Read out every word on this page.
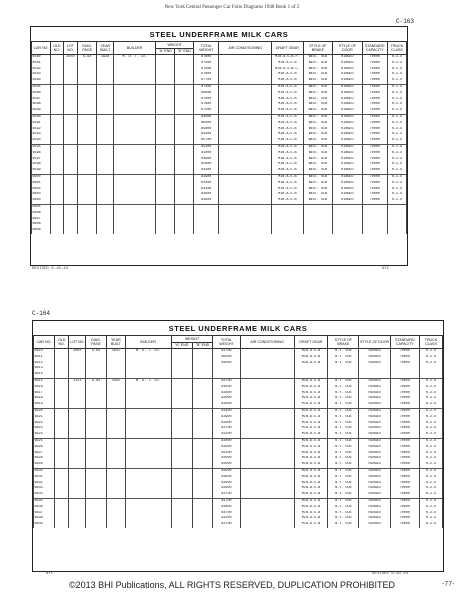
New York Central Passenger Car Folio Diagrams 1948 Book 1 of 2
C-163
STEEL UNDERFRAME MILK CARS
CAR NO.	OLD NO.	LOT NO.	DIAG. PAGE	YEAR BUILT	BUILDER	WEIGHT		TOTAL WEIGHT	AIR CONDITIONING	DRAFT GEAR	STYLE OF BRAKE	STYLE OF DOOR	STANDARD CAPACITY	TRUCK CLASS
						"A" END	"B" END							
6580		2050	G-64	1928	M. D. T. CO.			87600		MIN.A-5-B.F.	WEST. UCB	HINGED	70000	R-1-X
6581								87400		MIN.A-5-B	WEST. UCB	HINGED	70000	R-1-X
6582								87600		MIN.A-5-B.C.	WEST. UCB	HINGED	70000	R-1-X
6583								87800		MIN.A-5-B	WEST. UCB	HINGED	70000	R-1-X
6584								87700		MIN.A-5-B	WEST. UCB	HINGED	70000	R-1-X
6585								87300		MIN.A-5-B	WEST. UCB	HINGED	70000	R-1-X
6586								86900		MIN.A-5-B	WEST. UCB	HINGED	70000	R-1-X
6587								87000		MIN.A-5-B	WEST. UCB	HINGED	70000	R-1-X
6588								87900		MIN.A-5-B	WEST. UCB	HINGED	70000	R-1-X
6589								87500		MIN.A-5-B	WEST. UCB	HINGED	70000	R-1-X
6590								84000		MIN.A-5-B	WEST. UCB	HINGED	70000	R-1-X
6591								86400		MIN.A-5-B	WEST. UCB	HINGED	70000	R-1-X
6592								85800		MIN.A-5-B	WEST. UCB	HINGED	70000	R-1-X
6593								84300		MIN.A-5-B	WEST. UCB	HINGED	70000	R-1-X
6594								85700		MIN.A-5-B	WEST. UCB	HINGED	70000	R-1-X
6595								85300		MIN.A-5-B	WEST. UCB	HINGED	70000	R-1-X
6596								81000		MIN.A-5-B	WEST. UCB	HINGED	70000	R-1-X
6597								83600		MIN.A-5-B	WEST. UCB	HINGED	70000	R-1-X
6598								85600		MIN.A-5-B	WEST. UCB	HINGED	70000	R-1-X
6599								84300		MIN.A-5-B	WEST. UCB	HINGED	70000	R-1-X
6600								83900		MIN.A-5-B	WEST. UCB	HINGED	70000	R-1-X
6601								84300		MIN.A-5-B	WEST. UCB	HINGED	70000	R-1-X
6602								84300		MIN.A-5-B	WEST. UCB	HINGED	70000	R-1-X
6603								83600		MIN.A-5-B	WEST. UCB	HINGED	70000	R-1-X
6604								84600		MIN.A-5-B	WEST. UCB	HINGED	70000	R-1-X
6605														
6606														
6607														
6608														
6609														
REVISED 6-16-44	NYC
C-164
STEEL UNDERFRAME MILK CARS
CAR NO.	OLD NO.	LOT NO.	DIAG. PAGE	YEAR BUILT	BUILDER	WEIGHT		TOTAL WEIGHT	AIR CONDITIONING	DRAFT GEAR	STYLE OF BRAKE	STYLE OF DOOR	STANDARD CAPACITY	TRUCK CLASS
						"A" END	"B" END							
6610		2050	G-64	1931	M. D. T. CO.			81700		MIN.A-5-B	N.Y. UCB	HINGED	70000	R-2-X
6611								85000		MIN.A-5-B	N.Y. UCB	HINGED	70000	R-2-X
6612								82000		MIN.A-5-B	N.Y. UCB	HINGED	70000	R-2-X
6613														
6614														
6615		2123	G-64	1931	M. D. T. CO.			82700		MIN.A-5-B	N.Y. UCB	HINGED	70000	R-2-X
6616								84500		MIN.A-5-B	N.Y. UCB	HINGED	70000	R-2-X
6617								82800		MIN.A-5-B	N.Y. UCB	HINGED	70000	R-2-X
6618								82900		MIN.A-5-B	N.Y. UCB	HINGED	70000	R-2-X
6619								82800		MIN.A-5-B	N.Y. UCB	HINGED	70000	R-2-X
6620								82400		MIN.A-5-B	N.Y. UCB	HINGED	70000	R-2-X
6621								82900		MIN.A-5-B	N.Y. UCB	HINGED	70000	R-2-X
6622								82000		MIN.A-5-B	N.Y. UCB	HINGED	70000	R-2-X
6623								82700		MIN.A-5-B	N.Y. UCB	HINGED	70000	R-2-X
6624								82300		MIN.A-5-B	N.Y. UCB	HINGED	70000	R-2-X
6625								82800		MIN.A-5-B	N.Y. UCB	HINGED	70000	R-2-X
6626								82000		MIN.A-5-B	N.Y. UCB	HINGED	70000	R-2-X
6627								82300		MIN.A-5-B	N.Y. UCB	HINGED	70000	R-2-X
6628								83000		MIN.A-5-B	N.Y. UCB	HINGED	70000	R-2-X
6629								82000		MIN.A-5-B	N.Y. UCB	HINGED	70000	R-2-X
6630								82900		MIN.A-5-B	N.Y. UCB	HINGED	70000	R-2-X
6631								83600		MIN.A-5-B	N.Y. UCB	HINGED	70000	R-2-X
6632								82800		MIN.A-5-B	N.Y. UCB	HINGED	70000	R-2-X
6633								82900		MIN.A-5-B	N.Y. UCB	HINGED	70000	R-2-X
6634								82700		MIN.A-5-B	N.Y. UCB	HINGED	70000	R-2-X
6635								81700		MIN.A-5-B	N.Y. UCB	HINGED	70000	R-2-X
6636								82800		MIN.A-5-B	N.Y. UCB	HINGED	70000	R-2-X
6637								84700		MIN.A-5-B	N.Y. UCB	HINGED	70000	R-2-X
6638								83200		MIN.A-5-B	N.Y. UCB	HINGED	70000	R-2-X
6639								82700		MIN.A-5-B	N.Y. UCB	HINGED	70000	R-2-X
NYC	REVISED 6-30-44
©2013 BHI Publications, ALL RIGHTS RESERVED, DUPLICATION PROHIBITED	-77-
